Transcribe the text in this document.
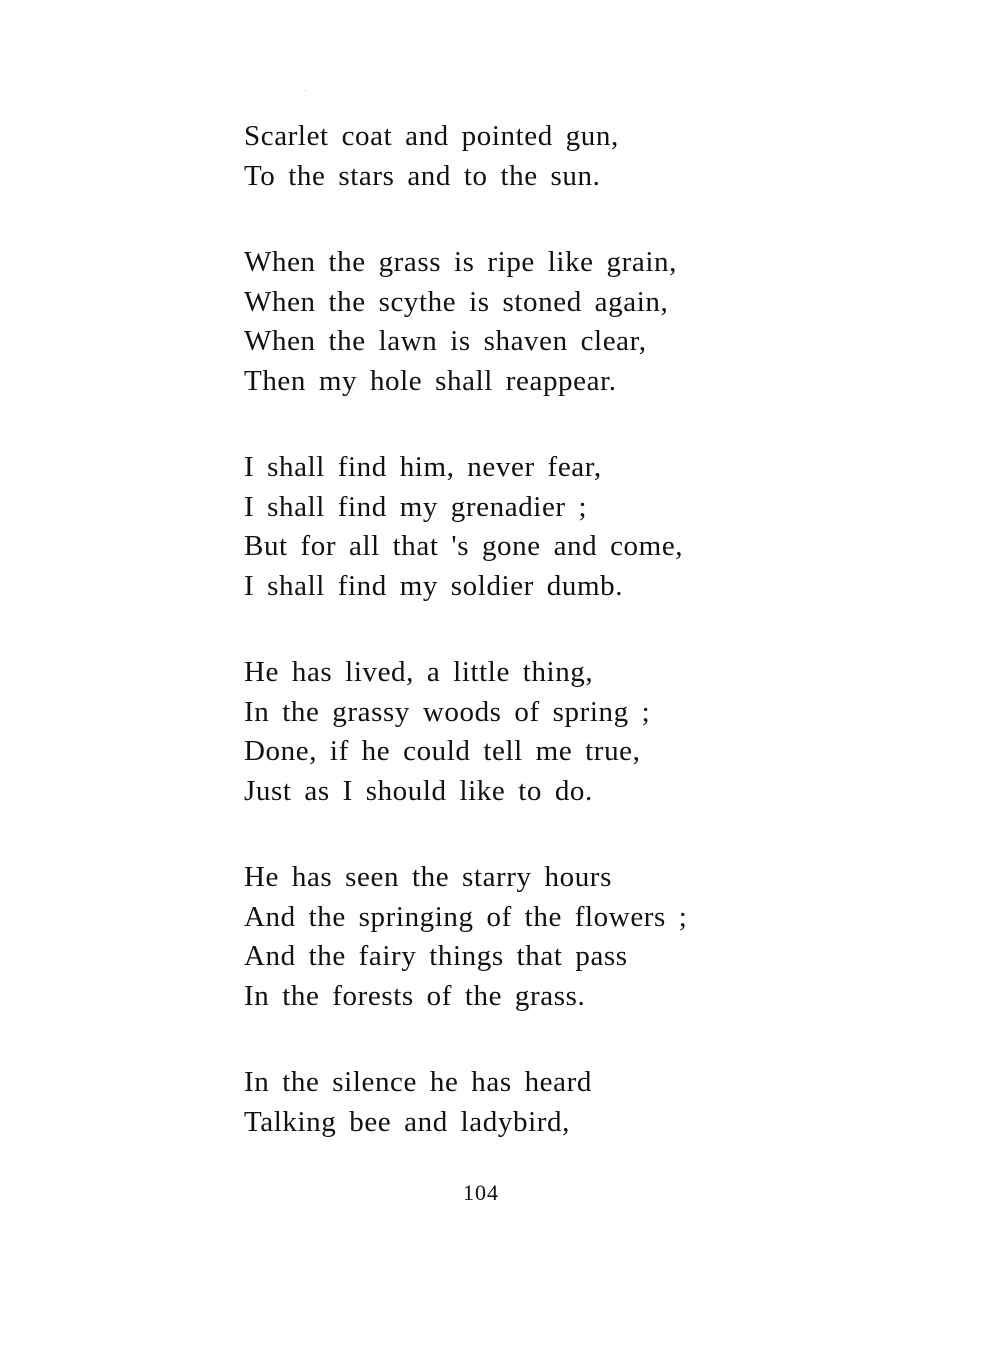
Scarlet coat and pointed gun,
To the stars and to the sun.
When the grass is ripe like grain,
When the scythe is stoned again,
When the lawn is shaven clear,
Then my hole shall reappear.
I shall find him, never fear,
I shall find my grenadier ;
But for all that 's gone and come,
I shall find my soldier dumb.
He has lived, a little thing,
In the grassy woods of spring ;
Done, if he could tell me true,
Just as I should like to do.
He has seen the starry hours
And the springing of the flowers ;
And the fairy things that pass
In the forests of the grass.
In the silence he has heard
Talking bee and ladybird,
104
